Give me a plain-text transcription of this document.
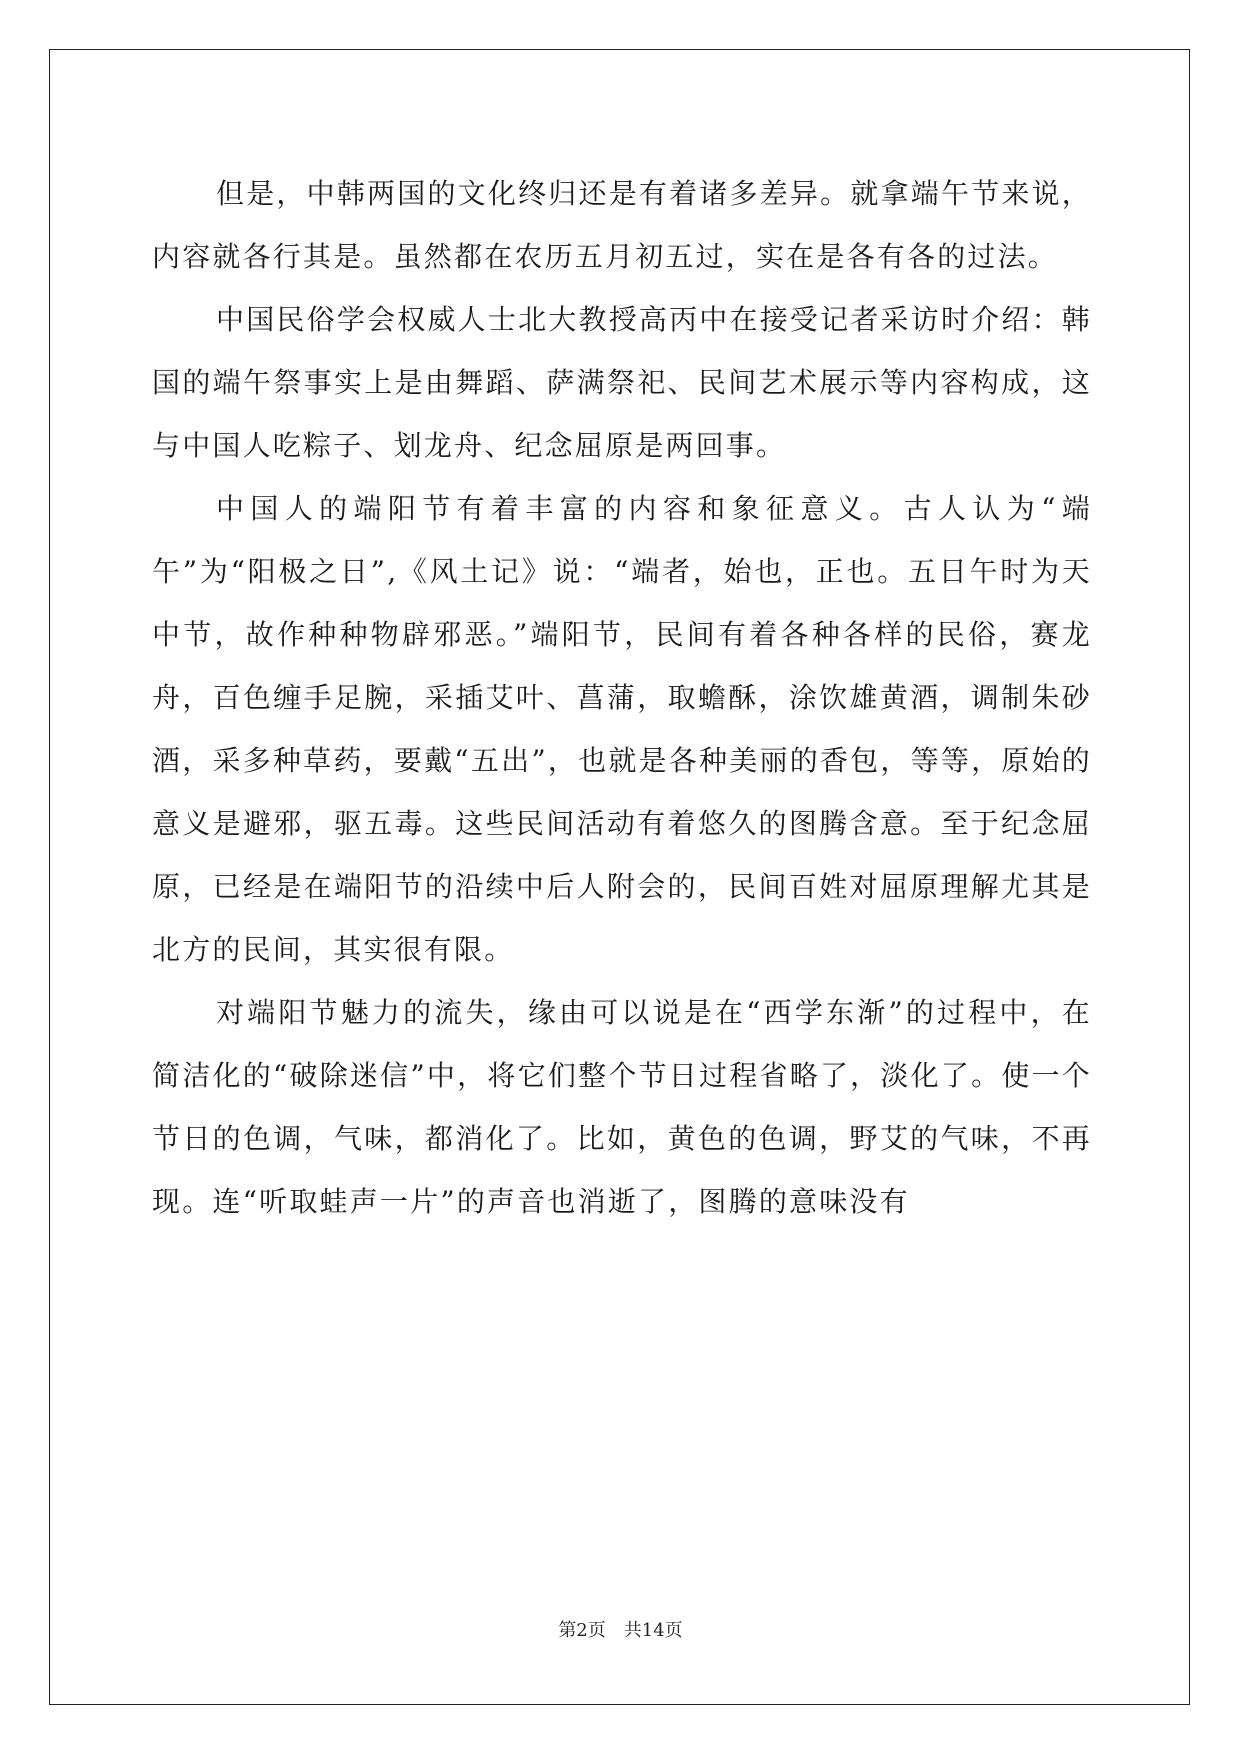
但是，中韩两国的文化终归还是有着诸多差异。就拿端午节来说，内容就各行其是。虽然都在农历五月初五过，实在是各有各的过法。

中国民俗学会权威人士北大教授高丙中在接受记者采访时介绍：韩国的端午祭事实上是由舞蹈、萨满祭祀、民间艺术展示等内容构成，这与中国人吃粽子、划龙舟、纪念屈原是两回事。

中国人的端阳节有着丰富的内容和象征意义。古人认为“端午”为“阳极之日”,《风土记》说：“端者，始也，正也。五日午时为天中节，故作种种物辟邪恶。”端阳节，民间有着各种各样的民俗，赛龙舟，百色缠手足腕，采插艾叶、菖蒲，取蟾酥，涂饮雄黄酒，调制朱砂酒，采多种草药，要戴“五出”，也就是各种美丽的香包，等等，原始的意义是避邪，驱五毒。这些民间活动有着悠久的图腾含意。至于纪念屈原，已经是在端阳节的沿续中后人附会的，民间百姓对屈原理解尤其是北方的民间，其实很有限。

对端阳节魅力的流失，缘由可以说是在“西学东渐”的过程中，在简洁化的“破除迷信”中，将它们整个节日过程省略了，淡化了。使一个节日的色调，气味，都消化了。比如，黄色的色调，野艾的气味，不再现。连“听取蛙声一片”的声音也消逝了，图腾的意味没有

第2页 共14页
